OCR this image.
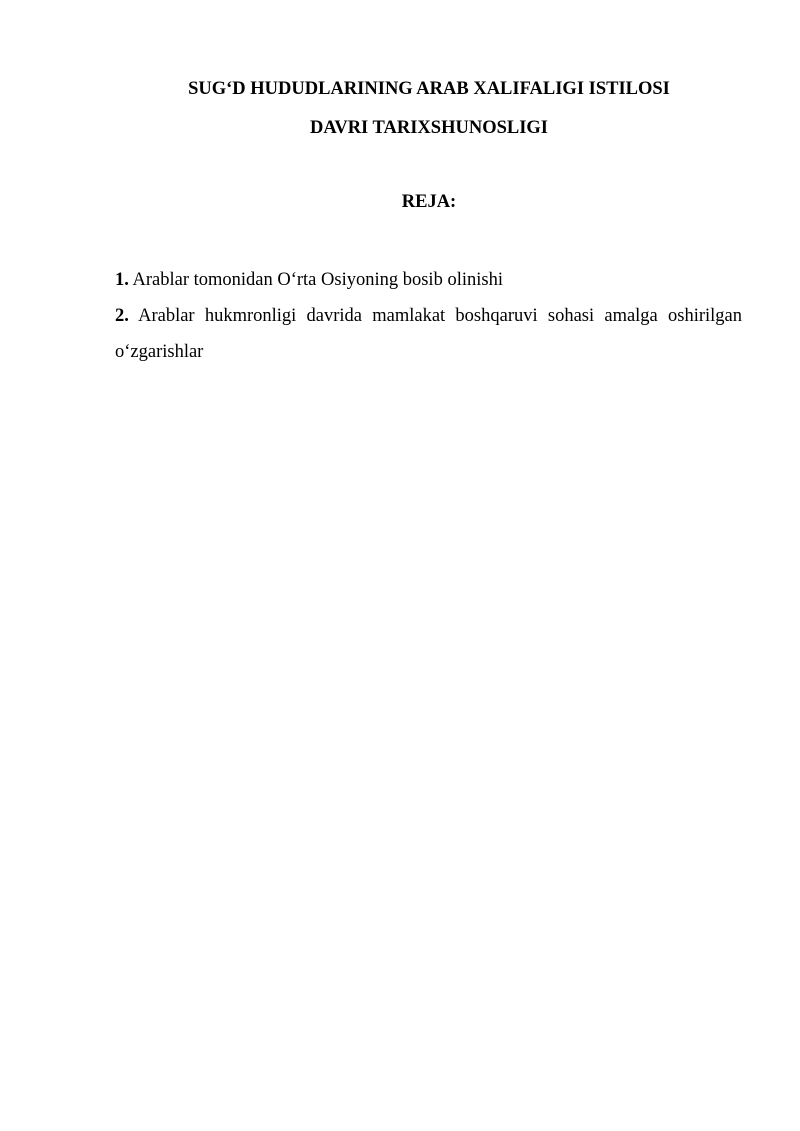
SUG‘D HUDUDLARINING ARAB XALIFALIGI ISTILOSI
DAVRI TARIXSHUNOSLIGI
REJA:
1. Arablar tomonidan O‘rta Osiyoning bosib olinishi
2. Arablar hukmronligi davrida mamlakat boshqaruvi sohasi amalga oshirilgan o‘zgarishlar
